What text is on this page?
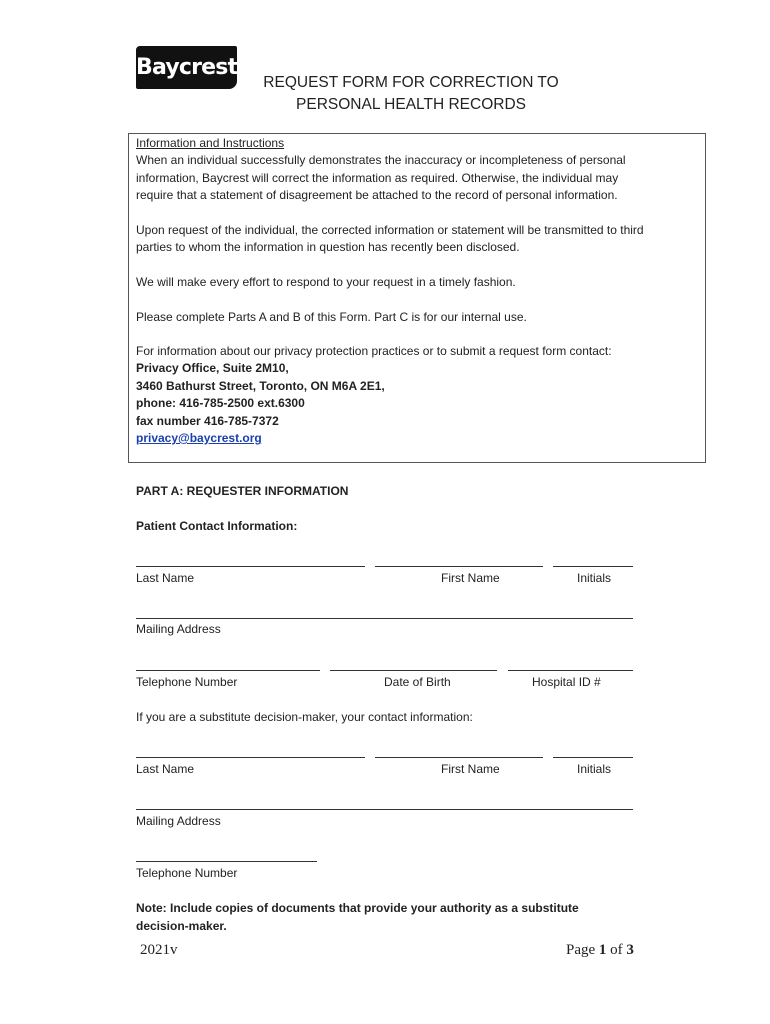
Baycrest
REQUEST FORM FOR CORRECTION TO
PERSONAL HEALTH RECORDS
Information and Instructions
When an individual successfully demonstrates the inaccuracy or incompleteness of personal
information, Baycrest will correct the information as required. Otherwise, the individual may
require that a statement of disagreement be attached to the record of personal information.
Upon request of the individual, the corrected information or statement will be transmitted to third
parties to whom the information in question has recently been disclosed.
We will make every effort to respond to your request in a timely fashion.
Please complete Parts A and B of this Form. Part C is for our internal use.
For information about our privacy protection practices or to submit a request form contact:
Privacy Office, Suite 2M10,
3460 Bathurst Street, Toronto, ON M6A 2E1,
phone: 416-785-2500 ext.6300
fax number 416-785-7372
privacy@baycrest.org
PART A: REQUESTER INFORMATION
Patient Contact Information:
Last Name	First Name	Initials
Mailing Address
Telephone Number	Date of Birth	Hospital ID #
If you are a substitute decision-maker, your contact information:
Last Name	First Name	Initials
Mailing Address
Telephone Number
Note: Include copies of documents that provide your authority as a substitute
decision-maker.
2021v	Page 1 of 3
